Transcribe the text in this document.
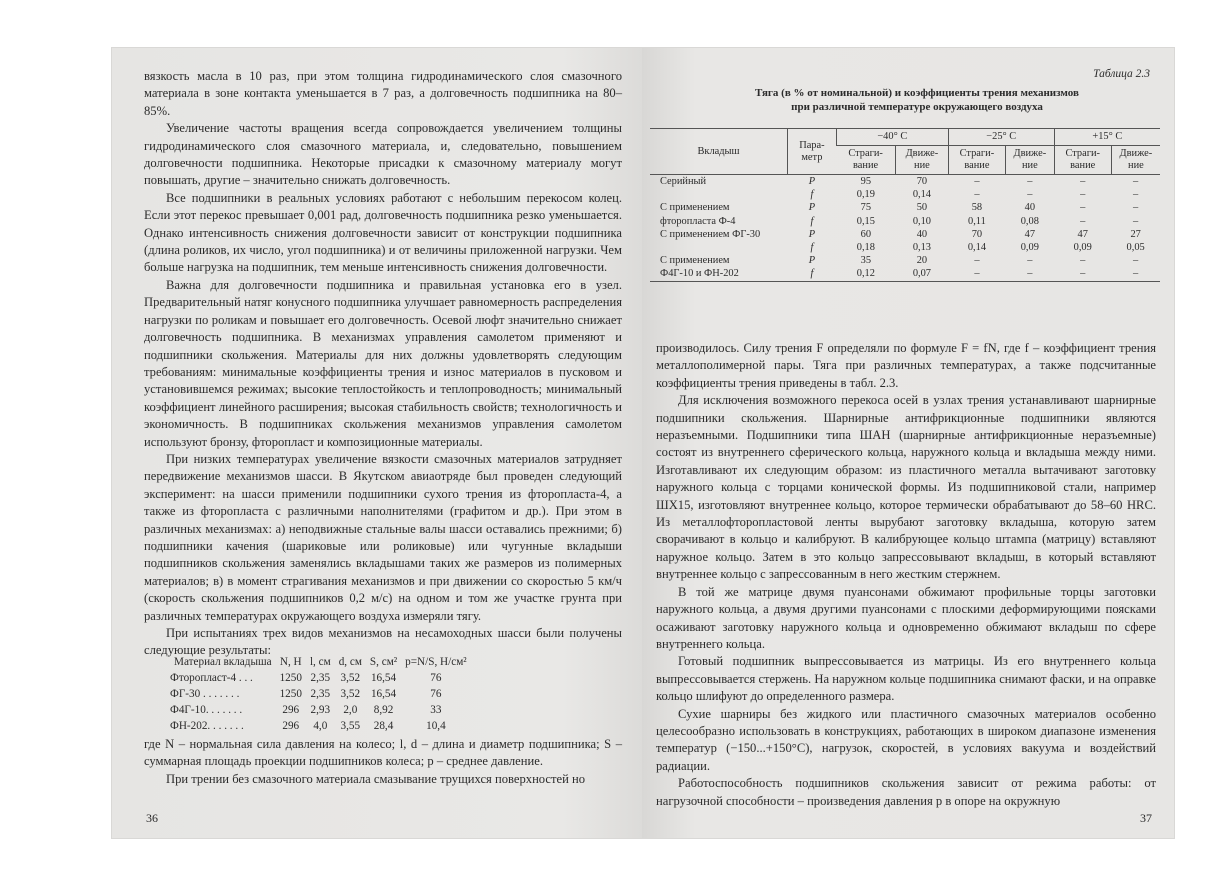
вязкость масла в 10 раз, при этом толщина гидродинамического слоя смазочного материала в зоне контакта уменьшается в 7 раз, а долговечность подшипника на 80–85%.

Увеличение частоты вращения всегда сопровождается увеличением толщины гидродинамического слоя смазочного материала, и, следовательно, повышением долговечности подшипника. Некоторые присадки к смазочному материалу могут повышать, другие – значительно снижать долговечность.

Все подшипники в реальных условиях работают с небольшим перекосом колец. Если этот перекос превышает 0,001 рад, долговечность подшипника резко уменьшается. Однако интенсивность снижения долговечности зависит от конструкции подшипника (длина роликов, их число, угол подшипника) и от величины приложенной нагрузки. Чем больше нагрузка на подшипник, тем меньше интенсивность снижения долговечности.

Важна для долговечности подшипника и правильная установка его в узел. Предварительный натяг конусного подшипника улучшает равномерность распределения нагрузки по роликам и повышает его долговечность. Осевой люфт значительно снижает долговечность подшипника. В механизмах управления самолетом применяют и подшипники скольжения. Материалы для них должны удовлетворять следующим требованиям: минимальные коэффициенты трения и износ материалов в пусковом и установившемся режимах; высокие теплостойкость и теплопроводность; минимальный коэффициент линейного расширения; высокая стабильность свойств; технологичность и экономичность. В подшипниках скольжения механизмов управления самолетом используют бронзу, фторопласт и композиционные материалы.

При низких температурах увеличение вязкости смазочных материалов затрудняет передвижение механизмов шасси. В Якутском авиаотряде был проведен следующий эксперимент: на шасси применили подшипники сухого трения из фторопласта-4, а также из фторопласта с различными наполнителями (графитом и др.). При этом в различных механизмах: а) неподвижные стальные валы шасси оставались прежними; б) подшипники качения (шариковые или роликовые) или чугунные вкладыши подшипников скольжения заменялись вкладышами таких же размеров из полимерных материалов; в) в момент страгивания механизмов и при движении со скоростью 5 км/ч (скорость скольжения подшипников 0,2 м/с) на одном и том же участке грунта при различных температурах окружающего воздуха измеряли тягу.

При испытаниях трех видов механизмов на несамоходных шасси были получены следующие результаты:

Материал вкладыша	N, Н	l, см	d, см	S, см²	p=N/S, Н/см²
Фторопласт-4 . . .	1250	2,35	3,52	16,54	76
ФГ-30 . . . . . . .	1250	2,35	3,52	16,54	76
Ф4Г-10. . . . . . .	296	2,93	2,0	8,92	33
ФН-202. . . . . . .	296	4,0	3,55	28,4	10,4

где N – нормальная сила давления на колесо; l, d – длина и диаметр подшипника; S – суммарная площадь проекции подшипников колеса; p – среднее давление.

При трении без смазочного материала смазывание трущихся поверхностей но

36
Таблица 2.3
Тяга (в % от номинальной) и коэффициенты трения механизмов
при различной температуре окружающего воздуха
Вкладыш	Пара-метр	−40° С		−25° С		+15° С	
		Страги-вание	Движе-ние	Страги-вание	Движе-ние	Страги-вание	Движе-ние
Серийный	P	95	70	–	–	–	–
	f	0,19	0,14	–	–	–	–
С применением	P	75	50	58	40	–	–
фторопласта Ф-4	f	0,15	0,10	0,11	0,08	–	–
С применением ФГ-30	P	60	40	70	47	47	27
	f	0,18	0,13	0,14	0,09	0,09	0,05
С применением	P	35	20	–	–	–	–
Ф4Г-10 и ФН-202	f	0,12	0,07	–	–	–	–

производилось. Силу трения F определяли по формуле F = fN, где f – коэффициент трения металлополимерной пары. Тяга при различных температурах, а также подсчитанные коэффициенты трения приведены в табл. 2.3.

Для исключения возможного перекоса осей в узлах трения устанавливают шарнирные подшипники скольжения. Шарнирные антифрикционные подшипники являются неразъемными. Подшипники типа ШАН (шарнирные антифрикционные неразъемные) состоят из внутреннего сферического кольца, наружного кольца и вкладыша между ними. Изготавливают их следующим образом: из пластичного металла вытачивают заготовку наружного кольца с торцами конической формы. Из подшипниковой стали, например ШХ15, изготовляют внутреннее кольцо, которое термически обрабатывают до 58–60 HRC. Из металлофторопластовой ленты вырубают заготовку вкладыша, которую затем сворачивают в кольцо и калибруют. В калибрующее кольцо штампа (матрицу) вставляют наружное кольцо. Затем в это кольцо запрессовывают вкладыш, в который вставляют внутреннее кольцо с запрессованным в него жестким стержнем.

В той же матрице двумя пуансонами обжимают профильные торцы заготовки наружного кольца, а двумя другими пуансонами с плоскими деформирующими поясками осаживают заготовку наружного кольца и одновременно обжимают вкладыш по сфере внутреннего кольца.

Готовый подшипник выпрессовывается из матрицы. Из его внутреннего кольца выпрессовывается стержень. На наружном кольце подшипника снимают фаски, и на оправке кольцо шлифуют до определенного размера.

Сухие шарниры без жидкого или пластичного смазочных материалов особенно целесообразно использовать в конструкциях, работающих в широком диапазоне изменения температур (−150...+150°С), нагрузок, скоростей, в условиях вакуума и воздействий радиации.

Работоспособность подшипников скольжения зависит от режима работы: от нагрузочной способности – произведения давления p в опоре на окружную

37
